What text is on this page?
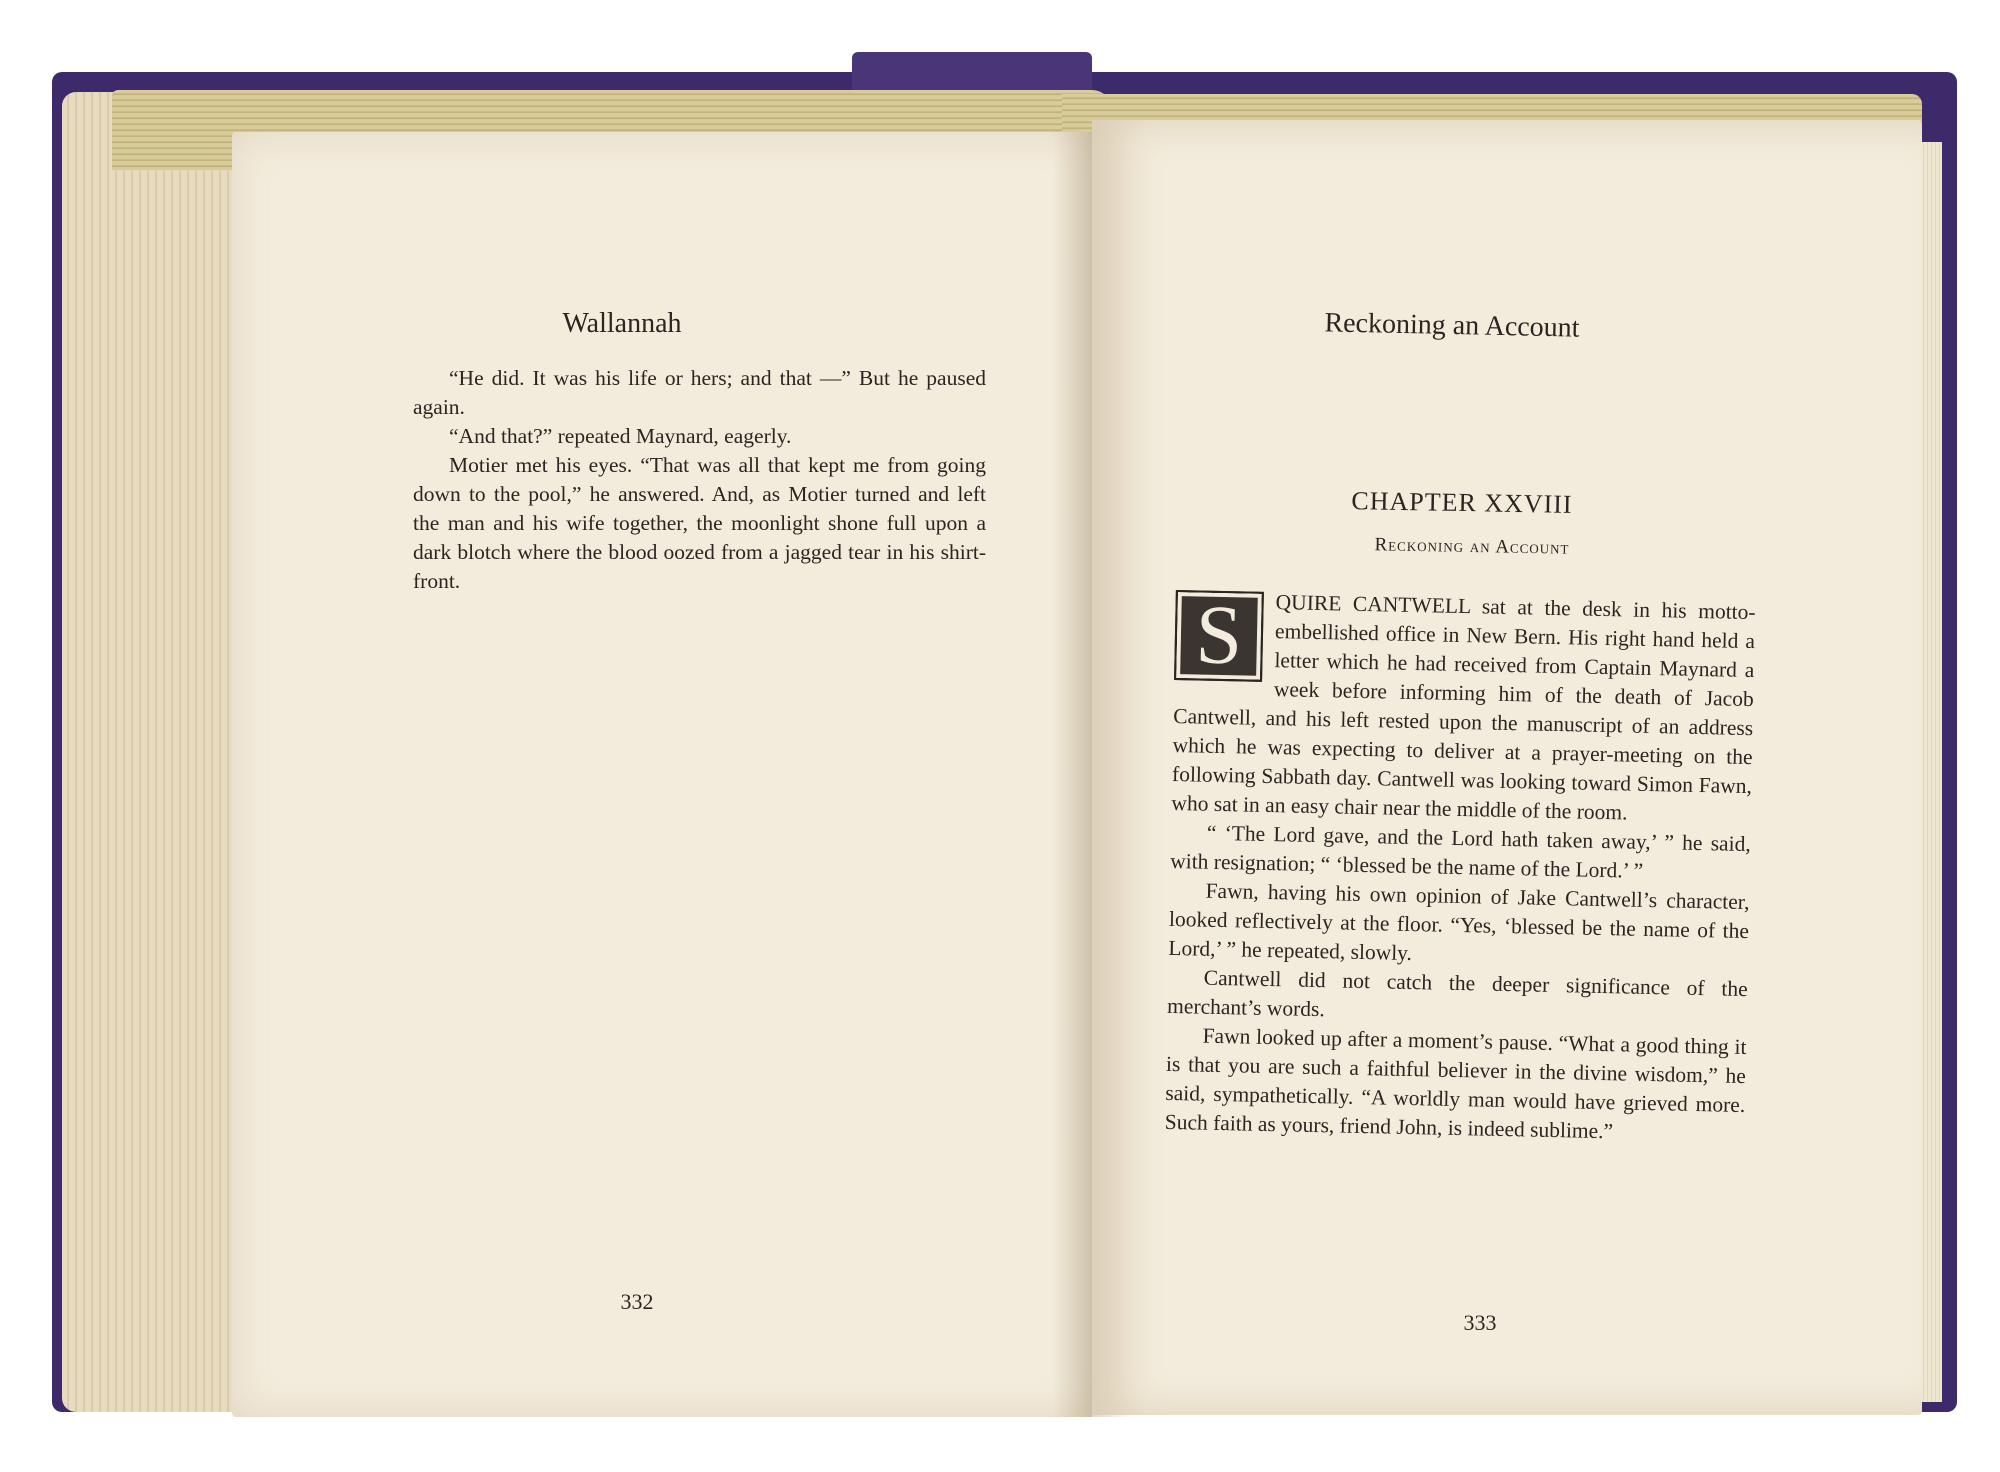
Wallannah

“He did. It was his life or hers; and that —” But he paused again.

“And that?” repeated Maynard, eagerly.

Motier met his eyes. “That was all that kept me from going down to the pool,” he answered. And, as Motier turned and left the man and his wife together, the moonlight shone full upon a dark blotch where the blood oozed from a jagged tear in his shirt-front.

332
Reckoning an Account
CHAPTER XXVIII
Reckoning an Account

S	QUIRE CANTWELL sat at the desk in his motto-embellished office in New Bern. His right hand held a letter which he had received from Captain Maynard a week before informing him of the death of Jacob Cantwell, and his left rested upon the manuscript of an address which he was expecting to deliver at a prayer-meeting on the following Sabbath day. Cantwell was looking toward Simon Fawn, who sat in an easy chair near the middle of the room.

“ ‘The Lord gave, and the Lord hath taken away,’ ” he said, with resignation; “ ‘blessed be the name of the Lord.’ ”

Fawn, having his own opinion of Jake Cantwell’s character, looked reflectively at the floor. “Yes, ‘blessed be the name of the Lord,’ ” he repeated, slowly.

Cantwell did not catch the deeper significance of the merchant’s words.

Fawn looked up after a moment’s pause. “What a good thing it is that you are such a faithful believer in the divine wisdom,” he said, sympathetically. “A worldly man would have grieved more. Such faith as yours, friend John, is indeed sublime.”

333
